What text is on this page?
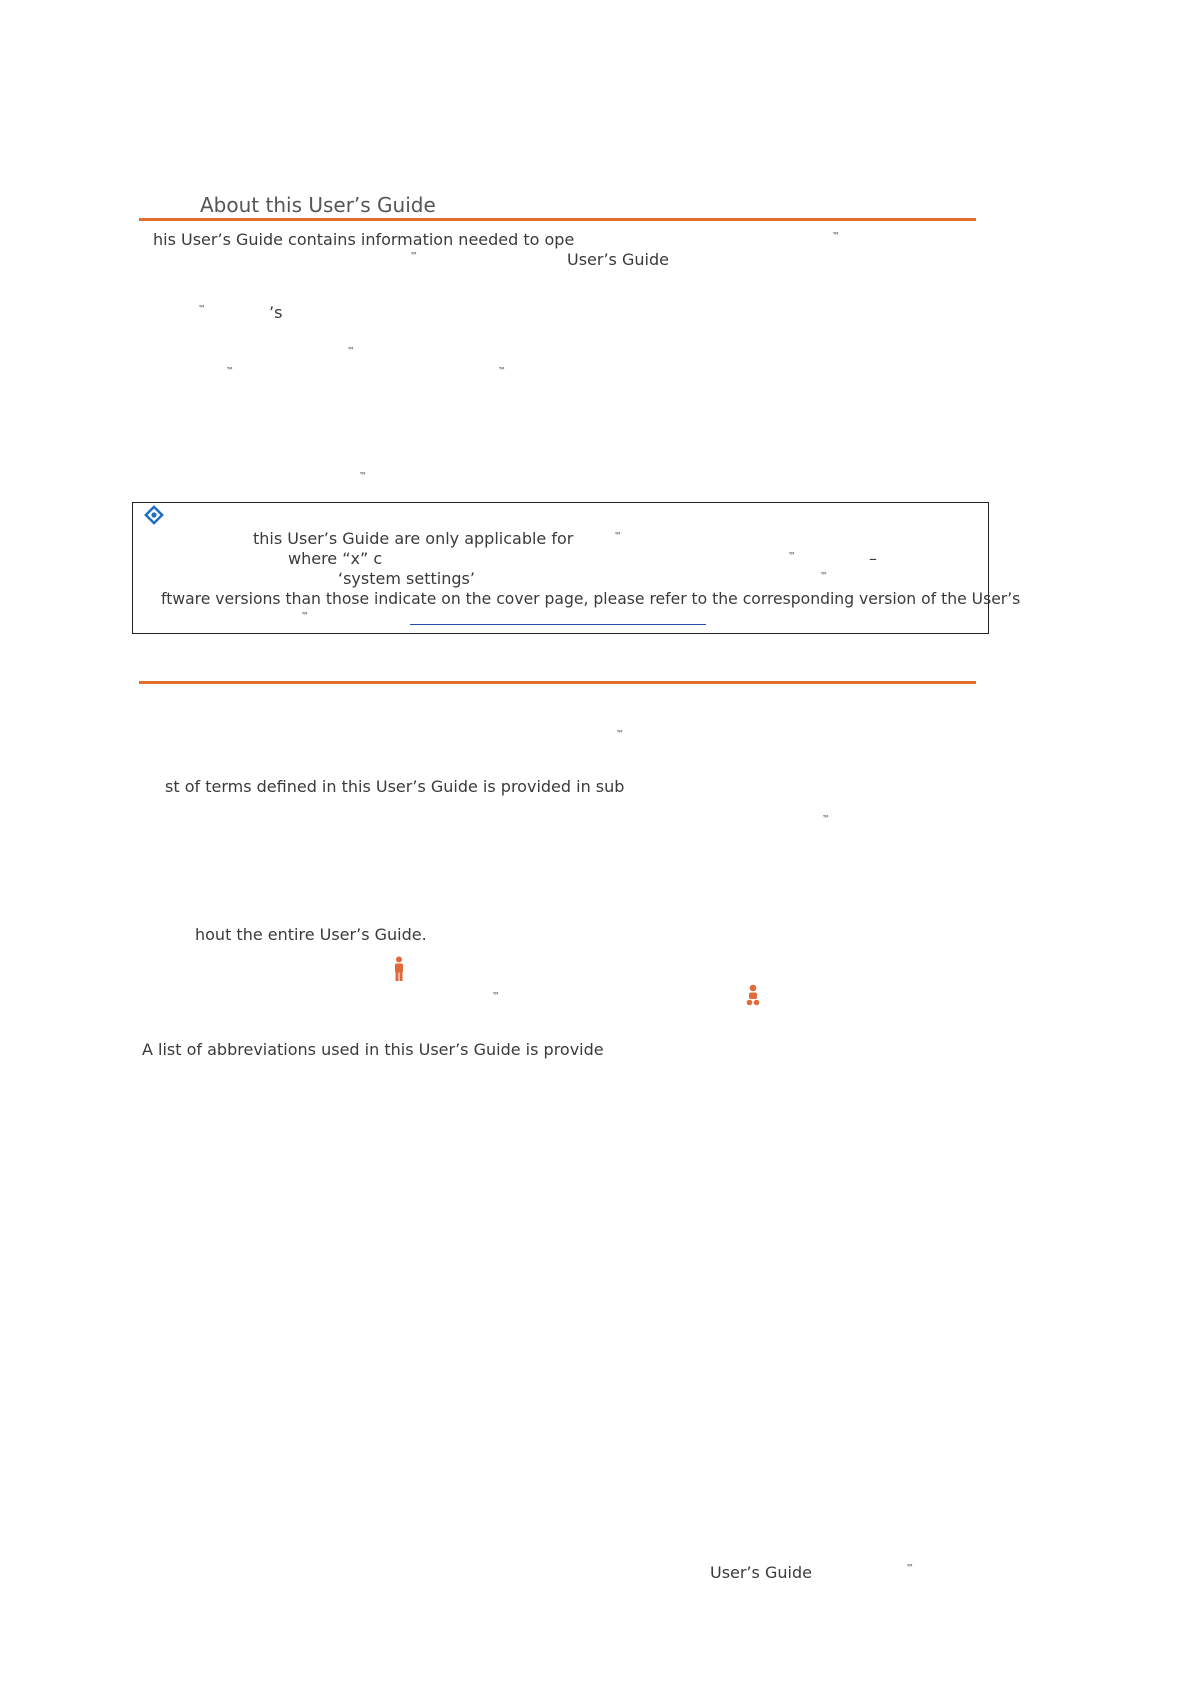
About this User’s Guide
his User’s Guide contains information needed to ope	™
™	User’s Guide
™	’s
™
™	™
™
this User’s Guide are only applicable for	™
where “x” c	™	–
‘system settings’	™
ftware versions than those indicate on the cover page, please refer to the corresponding version of the User’s
™
™
st of terms defined in this User’s Guide is provided in sub
™
hout the entire User’s Guide.
™
A list of abbreviations used in this User’s Guide is provide
User’s Guide	™
